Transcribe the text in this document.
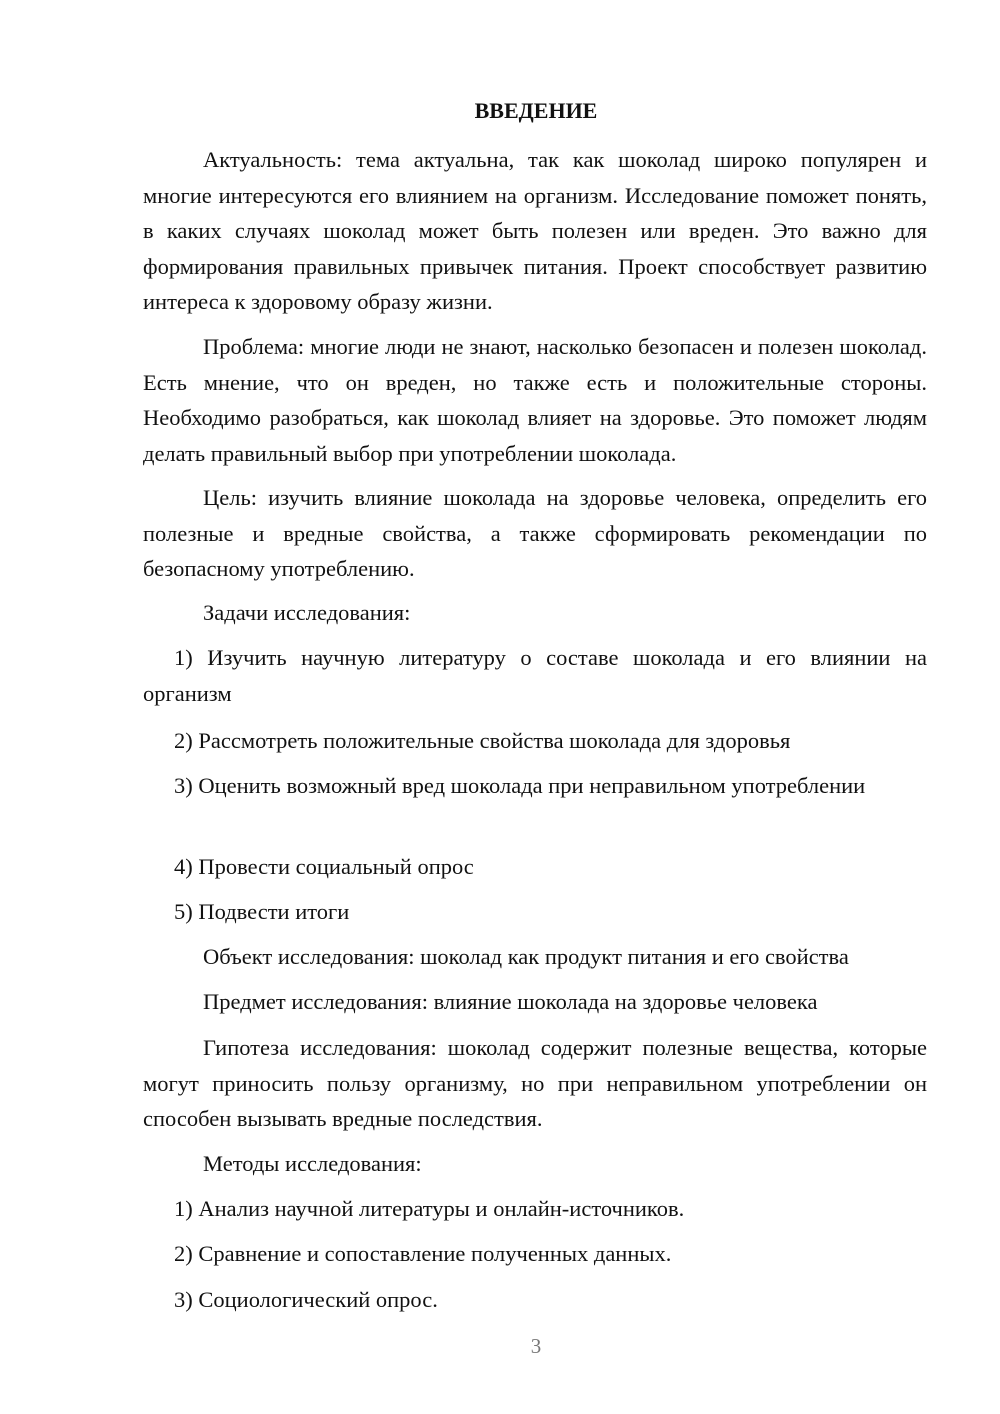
ВВЕДЕНИЕ

Актуальность: тема актуальна, так как шоколад широко популярен и многие интересуются его влиянием на организм. Исследование поможет понять, в каких случаях шоколад может быть полезен или вреден. Это важно для формирования правильных привычек питания. Проект способствует развитию интереса к здоровому образу жизни.

Проблема: многие люди не знают, насколько безопасен и полезен шоколад. Есть мнение, что он вреден, но также есть и положительные стороны. Необходимо разобраться, как шоколад влияет на здоровье. Это поможет людям делать правильный выбор при употреблении шоколада.

Цель: изучить влияние шоколада на здоровье человека, определить его полезные и вредные свойства, а также сформировать рекомендации по безопасному употреблению.

Задачи исследования:

1) Изучить научную литературу о составе шоколада и его влиянии на организм

2) Рассмотреть положительные свойства шоколада для здоровья

3) Оценить возможный вред шоколада при неправильном употреблении

4) Провести социальный опрос

5) Подвести итоги

Объект исследования: шоколад как продукт питания и его свойства

Предмет исследования: влияние шоколада на здоровье человека

Гипотеза исследования: шоколад содержит полезные вещества, которые могут приносить пользу организму, но при неправильном употреблении он способен вызывать вредные последствия.

Методы исследования:

1) Анализ научной литературы и онлайн-источников.

2) Сравнение и сопоставление полученных данных.

3) Социологический опрос.

3
